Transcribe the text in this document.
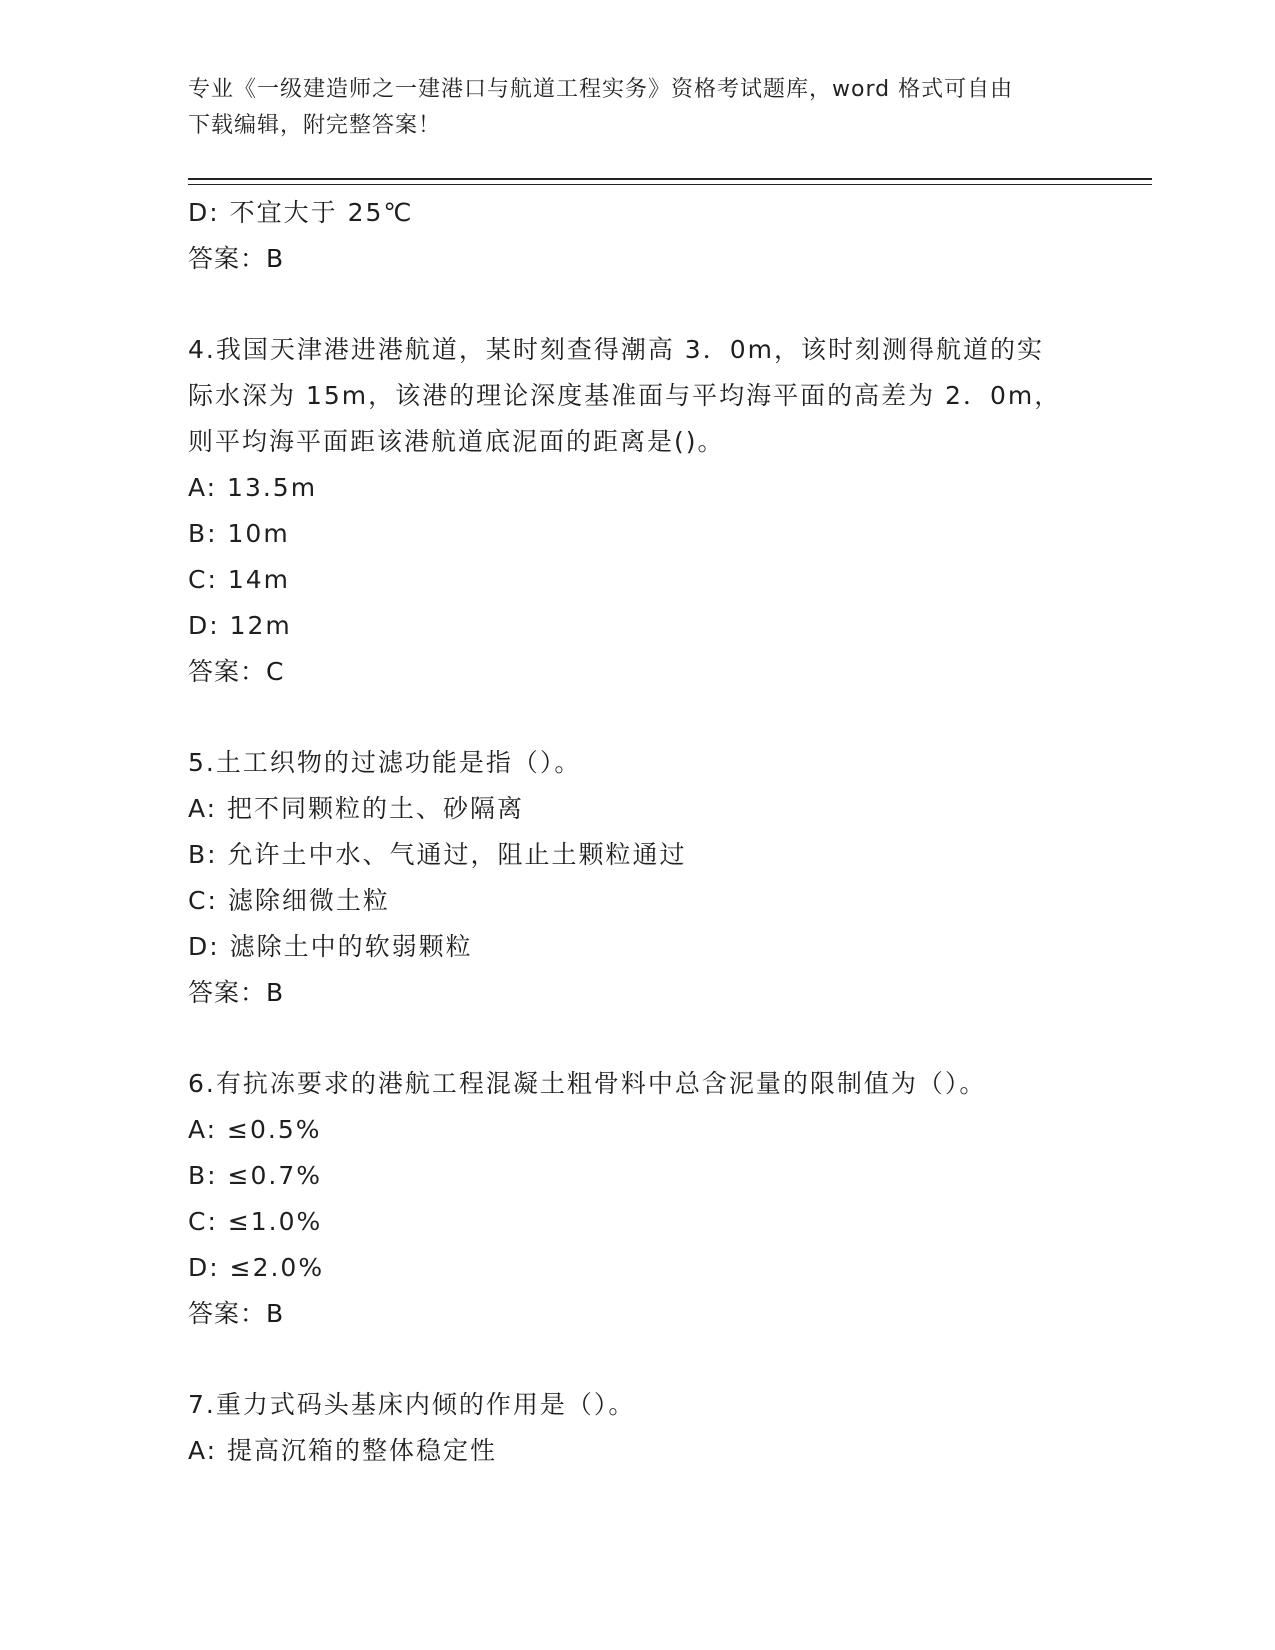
专业《一级建造师之一建港口与航道工程实务》资格考试题库，word 格式可自由
下载编辑，附完整答案！
D: 不宜大于 25℃
答案：B
4.我国天津港进港航道，某时刻查得潮高 3．0m，该时刻测得航道的实
际水深为 15m，该港的理论深度基准面与平均海平面的高差为 2．0m，
则平均海平面距该港航道底泥面的距离是()。
A: 13.5m
B: 10m
C: 14m
D: 12m
答案：C
5.土工织物的过滤功能是指（）。
A: 把不同颗粒的土、砂隔离
B: 允许土中水、气通过，阻止土颗粒通过
C: 滤除细微土粒
D: 滤除土中的软弱颗粒
答案：B
6.有抗冻要求的港航工程混凝土粗骨料中总含泥量的限制值为（）。
A: ≤0.5%
B: ≤0.7%
C: ≤1.0%
D: ≤2.0%
答案：B
7.重力式码头基床内倾的作用是（）。
A: 提高沉箱的整体稳定性
